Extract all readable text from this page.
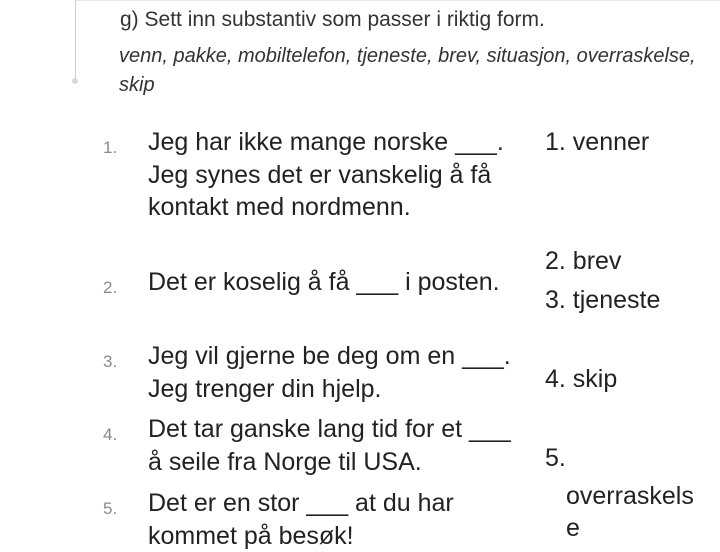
g) Sett inn substantiv som passer i riktig form.
venn, pakke, mobiltelefon, tjeneste, brev, situasjon, overraskelse, skip
1. Jeg har ikke mange norske ___. Jeg synes det er vanskelig å få kontakt med nordmenn.
2. Det er koselig å få ___ i posten.
3. Jeg vil gjerne be deg om en ___. Jeg trenger din hjelp.
4. Det tar ganske lang tid for et ___ å seile fra Norge til USA.
5. Det er en stor ___ at du har kommet på besøk!
1. venner
2. brev
3. tjeneste
4. skip
5.
overraskels
e
